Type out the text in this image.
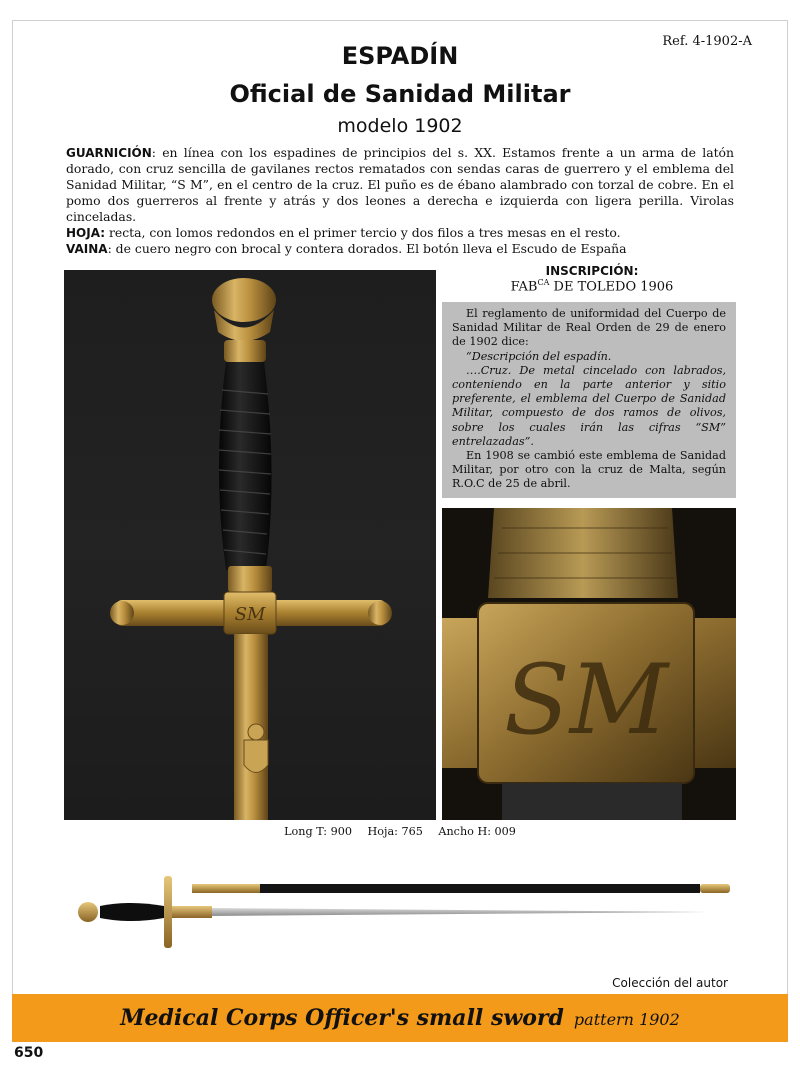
Ref. 4-1902-A
ESPADÍN
Oficial de Sanidad Militar
modelo 1902

GUARNICIÓN: en línea con los espadines de principios del s. XX. Estamos frente a un arma de latón dorado, con cruz sencilla de gavilanes rectos rematados con sendas caras de guerrero y el emblema del Sanidad Militar, “S M”, en el centro de la cruz. El puño es de ébano alambrado con torzal de cobre. En el pomo dos guerreros al frente y atrás y dos leones a derecha e izquierda con ligera perilla. Virolas cinceladas.

HOJA: recta, con lomos redondos en el primer tercio y dos filos a tres mesas en el resto.

VAINA: de cuero negro con brocal y contera dorados. El botón lleva el Escudo de España

SM
INSCRIPCIÓN:
$FAB^{CA}$ DE TOLEDO 1906

El reglamento de uniformidad del Cuerpo de Sanidad Militar de Real Orden de 29 de enero de 1902 dice:

“Descripción del espadín.

….Cruz. De metal cincelado con labrados, conteniendo en la parte anterior y sitio preferente, el emblema del Cuerpo de Sanidad Militar, compuesto de dos ramos de olivos, sobre los cuales irán las cifras “SM” entrelazadas”.

En 1908 se cambió este emblema de Sanidad Militar, por otro con la cruz de Malta, según R.O.C de 25 de abril.

SM
Long T: 900 Hoja: 765 Ancho H: 009
Colección del autor
Medical Corps Officer's small sword pattern 1902
650
